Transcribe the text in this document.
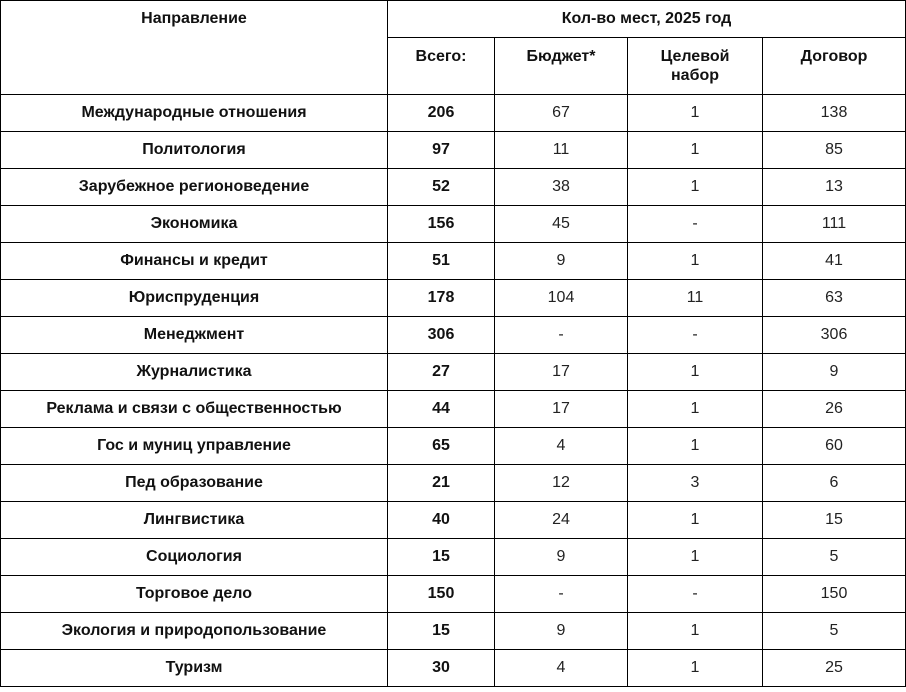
Направление	Кол-во мест, 2025 год			
	Всего:	Бюджет*	Целевой набор	Договор
Международные отношения	206	67	1	138
Политология	97	11	1	85
Зарубежное регионоведение	52	38	1	13
Экономика	156	45	-	111
Финансы и кредит	51	9	1	41
Юриспруденция	178	104	11	63
Менеджмент	306	-	-	306
Журналистика	27	17	1	9
Реклама и связи с общественностью	44	17	1	26
Гос и муниц управление	65	4	1	60
Пед образование	21	12	3	6
Лингвистика	40	24	1	15
Социология	15	9	1	5
Торговое дело	150	-	-	150
Экология и природопользование	15	9	1	5
Туризм	30	4	1	25
